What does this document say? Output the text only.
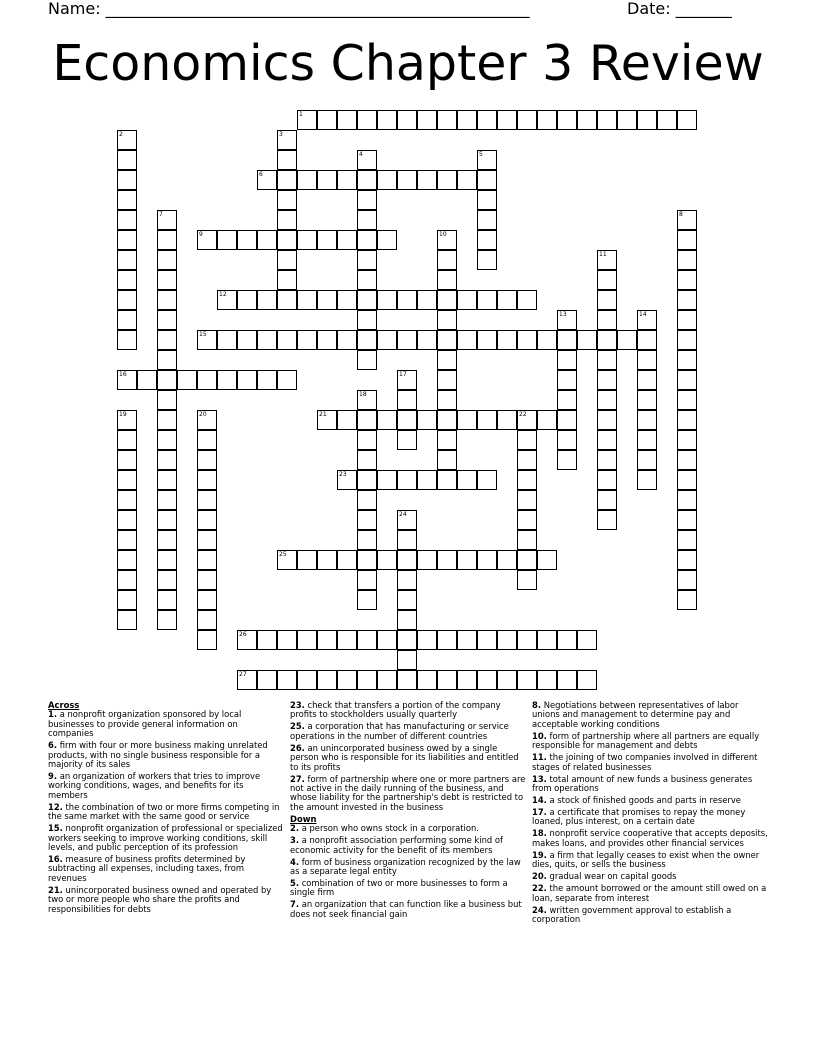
Name: _____________________________________________________	Date: _______
Economics Chapter 3 Review
1
2	3
4	5
6
7	8
9	10
11
12
13	14
15
16	17
18
19	20	21	22
23
24
25
26
27
Across
1. a nonprofit organization sponsored by local businesses to provide general information on companies
6. firm with four or more business making unrelated products, with no single business responsible for a majority of its sales
9. an organization of workers that tries to improve working conditions, wages, and benefits for its members
12. the combination of two or more firms competing in the same market with the same good or service
15. nonprofit organization of professional or specialized workers seeking to improve working conditions, skill levels, and public perception of its profession
16. measure of business profits determined by subtracting all expenses, including taxes, from revenues
21. unincorporated business owned and operated by two or more people who share the profits and responsibilities for debts
23. check that transfers a portion of the company profits to stockholders usually quarterly
25. a corporation that has manufacturing or service operations in the number of different countries
26. an unincorporated business owed by a single person who is responsible for its liabilities and entitled to its profits
27. form of partnership where one or more partners are not active in the daily running of the business, and whose liability for the partnership's debt is restricted to the amount invested in the business
Down
2. a person who owns stock in a corporation.
3. a nonprofit association performing some kind of economic activity for the benefit of its members
4. form of business organization recognized by the law as a separate legal entity
5. combination of two or more businesses to form a single firm
7. an organization that can function like a business but does not seek financial gain
8. Negotiations between representatives of labor unions and management to determine pay and acceptable working conditions
10. form of partnership where all partners are equally responsible for management and debts
11. the joining of two companies involved in different stages of related businesses
13. total amount of new funds a business generates from operations
14. a stock of finished goods and parts in reserve
17. a certificate that promises to repay the money loaned, plus interest, on a certain date
18. nonprofit service cooperative that accepts deposits, makes loans, and provides other financial services
19. a firm that legally ceases to exist when the owner dies, quits, or sells the business
20. gradual wear on capital goods
22. the amount borrowed or the amount still owed on a loan, separate from interest
24. written government approval to establish a corporation
